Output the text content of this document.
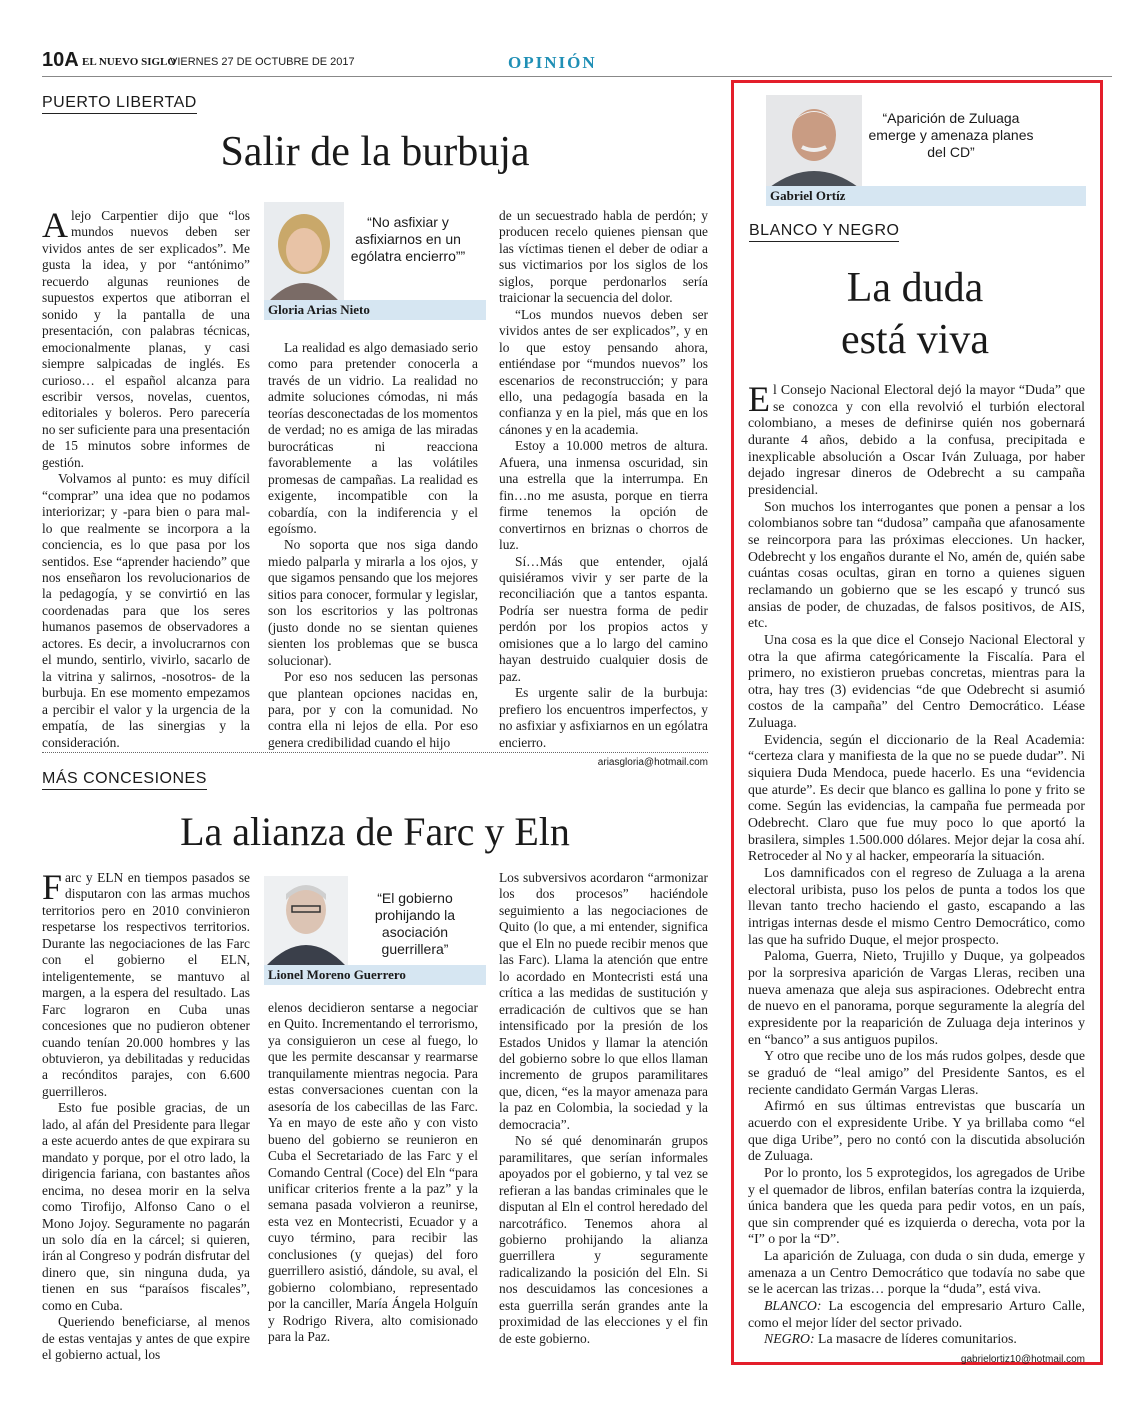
10A EL NUEVO SIGLO
VIERNES 27 DE OCTUBRE DE 2017	OPINIÓN
PUERTO LIBERTAD
Salir de la burbuja

Alejo Carpentier dijo que “los mundos nuevos deben ser vividos antes de ser explicados”. Me gusta la idea, y por “antónimo” recuerdo algunas reuniones de supuestos expertos que atiborran el sonido y la pantalla de una presentación, con palabras técnicas, emocionalmente planas, y casi siempre salpicadas de inglés. Es curioso… el español alcanza para escribir versos, novelas, cuentos, editoriales y boleros. Pero parecería no ser suficiente para una presentación de 15 minutos sobre informes de gestión.

Volvamos al punto: es muy difícil “comprar” una idea que no podamos interiorizar; y -para bien o para mal- lo que realmente se incorpora a la conciencia, es lo que pasa por los sentidos. Ese “aprender haciendo” que nos enseñaron los revolucionarios de la pedagogía, y se convirtió en las coordenadas para que los seres humanos pasemos de observadores a actores. Es decir, a involucrarnos con el mundo, sentirlo, vivirlo, sacarlo de la vitrina y salirnos, -nosotros- de la burbuja. En ese momento empezamos a percibir el valor y la urgencia de la empatía, de las sinergias y la consideración.

“No asfixiar y asfixiarnos en un ególatra encierro””
Gloria Arias Nieto

La realidad es algo demasiado serio como para pretender conocerla a través de un vidrio. La realidad no admite soluciones cómodas, ni más teorías desconectadas de los momentos de verdad; no es amiga de las miradas burocráticas ni reacciona favorablemente a las volátiles promesas de campañas. La realidad es exigente, incompatible con la cobardía, con la indiferencia y el egoísmo.

No soporta que nos siga dando miedo palparla y mirarla a los ojos, y que sigamos pensando que los mejores sitios para conocer, formular y legislar, son los escritorios y las poltronas (justo donde no se sientan quienes sienten los problemas que se busca solucionar).

Por eso nos seducen las personas que plantean opciones nacidas en, para, por y con la comunidad. No contra ella ni lejos de ella. Por eso genera credibilidad cuando el hijo

de un secuestrado habla de perdón; y producen recelo quienes piensan que las víctimas tienen el deber de odiar a sus victimarios por los siglos de los siglos, porque perdonarlos sería traicionar la secuencia del dolor.

“Los mundos nuevos deben ser vividos antes de ser explicados”, y en lo que estoy pensando ahora, entiéndase por “mundos nuevos” los escenarios de reconstrucción; y para ello, una pedagogía basada en la confianza y en la piel, más que en los cánones y en la academia.

Estoy a 10.000 metros de altura. Afuera, una inmensa oscuridad, sin una estrella que la interrumpa. En fin…no me asusta, porque en tierra firme tenemos la opción de convertirnos en briznas o chorros de luz.

Sí…Más que entender, ojalá quisiéramos vivir y ser parte de la reconciliación que a tantos espanta. Podría ser nuestra forma de pedir perdón por los propios actos y omisiones que a lo largo del camino hayan destruido cualquier dosis de paz.

Es urgente salir de la burbuja: prefiero los encuentros imperfectos, y no asfixiar y asfixiarnos en un ególatra encierro.

ariasgloria@hotmail.com
MÁS CONCESIONES
La alianza de Farc y Eln

Farc y ELN en tiempos pasados se disputaron con las armas muchos territorios pero en 2010 convinieron respetarse los respectivos territorios. Durante las negociaciones de las Farc con el gobierno el ELN, inteligentemente, se mantuvo al margen, a la espera del resultado. Las Farc lograron en Cuba unas concesiones que no pudieron obtener cuando tenían 20.000 hombres y las obtuvieron, ya debilitadas y reducidas a recónditos parajes, con 6.600 guerrilleros.

Esto fue posible gracias, de un lado, al afán del Presidente para llegar a este acuerdo antes de que expirara su mandato y porque, por el otro lado, la dirigencia fariana, con bastantes años encima, no desea morir en la selva como Tirofijo, Alfonso Cano o el Mono Jojoy. Seguramente no pagarán un solo día en la cárcel; si quieren, irán al Congreso y podrán disfrutar del dinero que, sin ninguna duda, ya tienen en sus “paraísos fiscales”, como en Cuba.

Queriendo beneficiarse, al menos de estas ventajas y antes de que expire el gobierno actual, los

“El gobierno prohijando la asociación guerrillera”
Lionel Moreno Guerrero

elenos decidieron sentarse a negociar en Quito. Incrementando el terrorismo, ya consiguieron un cese al fuego, lo que les permite descansar y rearmarse tranquilamente mientras negocia. Para estas conversaciones cuentan con la asesoría de los cabecillas de las Farc. Ya en mayo de este año y con visto bueno del gobierno se reunieron en Cuba el Secretariado de las Farc y el Comando Central (Coce) del Eln “para unificar criterios frente a la paz” y la semana pasada volvieron a reunirse, esta vez en Montecristi, Ecuador y a cuyo término, para recibir las conclusiones (y quejas) del foro guerrillero asistió, dándole, su aval, el gobierno colombiano, representado por la canciller, María Ángela Holguín y Rodrigo Rivera, alto comisionado para la Paz.

Los subversivos acordaron “armonizar los dos procesos” haciéndole seguimiento a las negociaciones de Quito (lo que, a mi entender, significa que el Eln no puede recibir menos que las Farc). Llama la atención que entre lo acordado en Montecristi está una crítica a las medidas de sustitución y erradicación de cultivos que se han intensificado por la presión de los Estados Unidos y llamar la atención del gobierno sobre lo que ellos llaman incremento de grupos paramilitares que, dicen, “es la mayor amenaza para la paz en Colombia, la sociedad y la democracia”.

No sé qué denominarán grupos paramilitares, que serían informales apoyados por el gobierno, y tal vez se refieran a las bandas criminales que le disputan al Eln el control heredado del narcotráfico. Tenemos ahora al gobierno prohijando la alianza guerrillera y seguramente radicalizando la posición del Eln. Si nos descuidamos las concesiones a esta guerrilla serán grandes ante la proximidad de las elecciones y el fin de este gobierno.

“Aparición de Zuluaga emerge y amenaza planes del CD”
Gabriel Ortíz
BLANCO Y NEGRO
La duda
está viva

El Consejo Nacional Electoral dejó la mayor “Duda” que se conozca y con ella revolvió el turbión electoral colombiano, a meses de definirse quién nos gobernará durante 4 años, debido a la confusa, precipitada e inexplicable absolución a Oscar Iván Zuluaga, por haber dejado ingresar dineros de Odebrecht a su campaña presidencial.

Son muchos los interrogantes que ponen a pensar a los colombianos sobre tan “dudosa” campaña que afanosamente se reincorpora para las próximas elecciones. Un hacker, Odebrecht y los engaños durante el No, amén de, quién sabe cuántas cosas ocultas, giran en torno a quienes siguen reclamando un gobierno que se les escapó y truncó sus ansias de poder, de chuzadas, de falsos positivos, de AIS, etc.

Una cosa es la que dice el Consejo Nacional Electoral y otra la que afirma categóricamente la Fiscalía. Para el primero, no existieron pruebas concretas, mientras para la otra, hay tres (3) evidencias “de que Odebrecht si asumió costos de la campaña” del Centro Democrático. Léase Zuluaga.

Evidencia, según el diccionario de la Real Academia: “certeza clara y manifiesta de la que no se puede dudar”. Ni siquiera Duda Mendoca, puede hacerlo. Es una “evidencia que aturde”. Es decir que blanco es gallina lo pone y frito se come. Según las evidencias, la campaña fue permeada por Odebrecht. Claro que fue muy poco lo que aportó la brasilera, simples 1.500.000 dólares. Mejor dejar la cosa ahí. Retroceder al No y al hacker, empeoraría la situación.

Los damnificados con el regreso de Zuluaga a la arena electoral uribista, puso los pelos de punta a todos los que llevan tanto trecho haciendo el gasto, escapando a las intrigas internas desde el mismo Centro Democrático, como las que ha sufrido Duque, el mejor prospecto.

Paloma, Guerra, Nieto, Trujillo y Duque, ya golpeados por la sorpresiva aparición de Vargas Lleras, reciben una nueva amenaza que aleja sus aspiraciones. Odebrecht entra de nuevo en el panorama, porque seguramente la alegría del expresidente por la reaparición de Zuluaga deja interinos y en “banco” a sus antiguos pupilos.

Y otro que recibe uno de los más rudos golpes, desde que se graduó de “leal amigo” del Presidente Santos, es el reciente candidato Germán Vargas Lleras.

Afirmó en sus últimas entrevistas que buscaría un acuerdo con el expresidente Uribe. Y ya brillaba como “el que diga Uribe”, pero no contó con la discutida absolución de Zuluaga.

Por lo pronto, los 5 exprotegidos, los agregados de Uribe y el quemador de libros, enfilan baterías contra la izquierda, única bandera que les queda para pedir votos, en un país, que sin comprender qué es izquierda o derecha, vota por la “I” o por la “D”.

La aparición de Zuluaga, con duda o sin duda, emerge y amenaza a un Centro Democrático que todavía no sabe que se le acercan las trizas… porque la “duda”, está viva.

BLANCO: La escogencia del empresario Arturo Calle, como el mejor líder del sector privado.

NEGRO: La masacre de líderes comunitarios.

gabrielortiz10@hotmail.com
